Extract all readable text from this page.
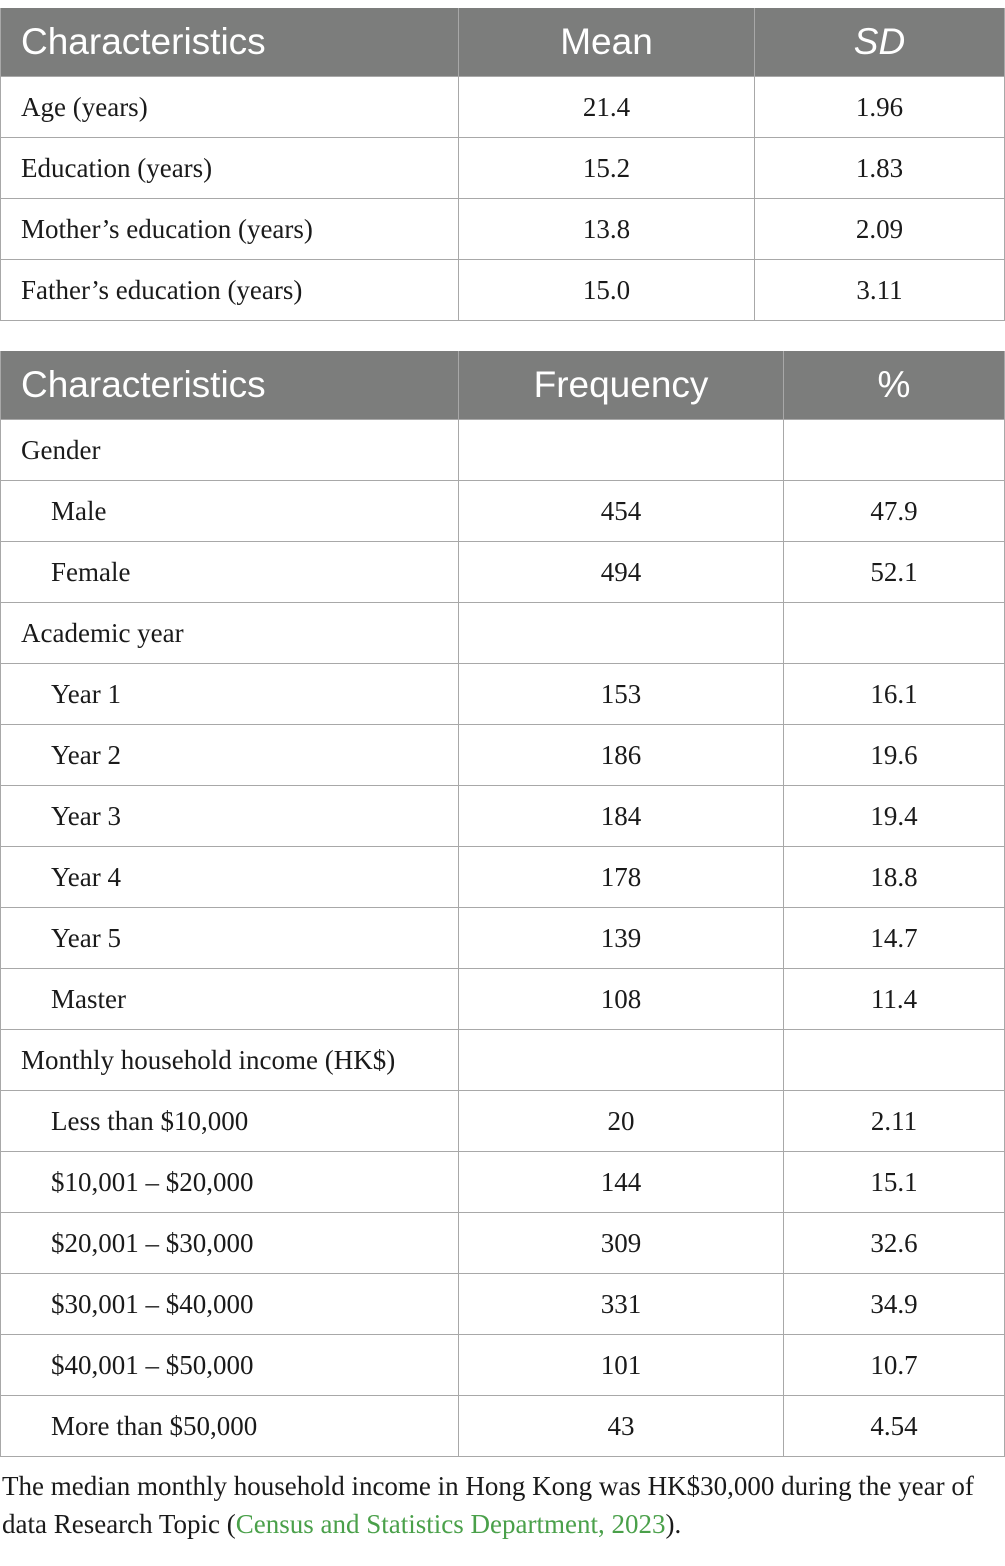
Characteristics	Mean	SD
Age (years)	21.4	1.96
Education (years)	15.2	1.83
Mother’s education (years)	13.8	2.09
Father’s education (years)	15.0	3.11
Characteristics	Frequency	%
Gender		
Male	454	47.9
Female	494	52.1
Academic year		
Year 1	153	16.1
Year 2	186	19.6
Year 3	184	19.4
Year 4	178	18.8
Year 5	139	14.7
Master	108	11.4
Monthly household income (HK$)		
Less than $10,000	20	2.11
$10,001 – $20,000	144	15.1
$20,001 – $30,000	309	32.6
$30,001 – $40,000	331	34.9
$40,001 – $50,000	101	10.7
More than $50,000	43	4.54

The median monthly household income in Hong Kong was HK$30,000 during the year of data Research Topic (Census and Statistics Department, 2023).
